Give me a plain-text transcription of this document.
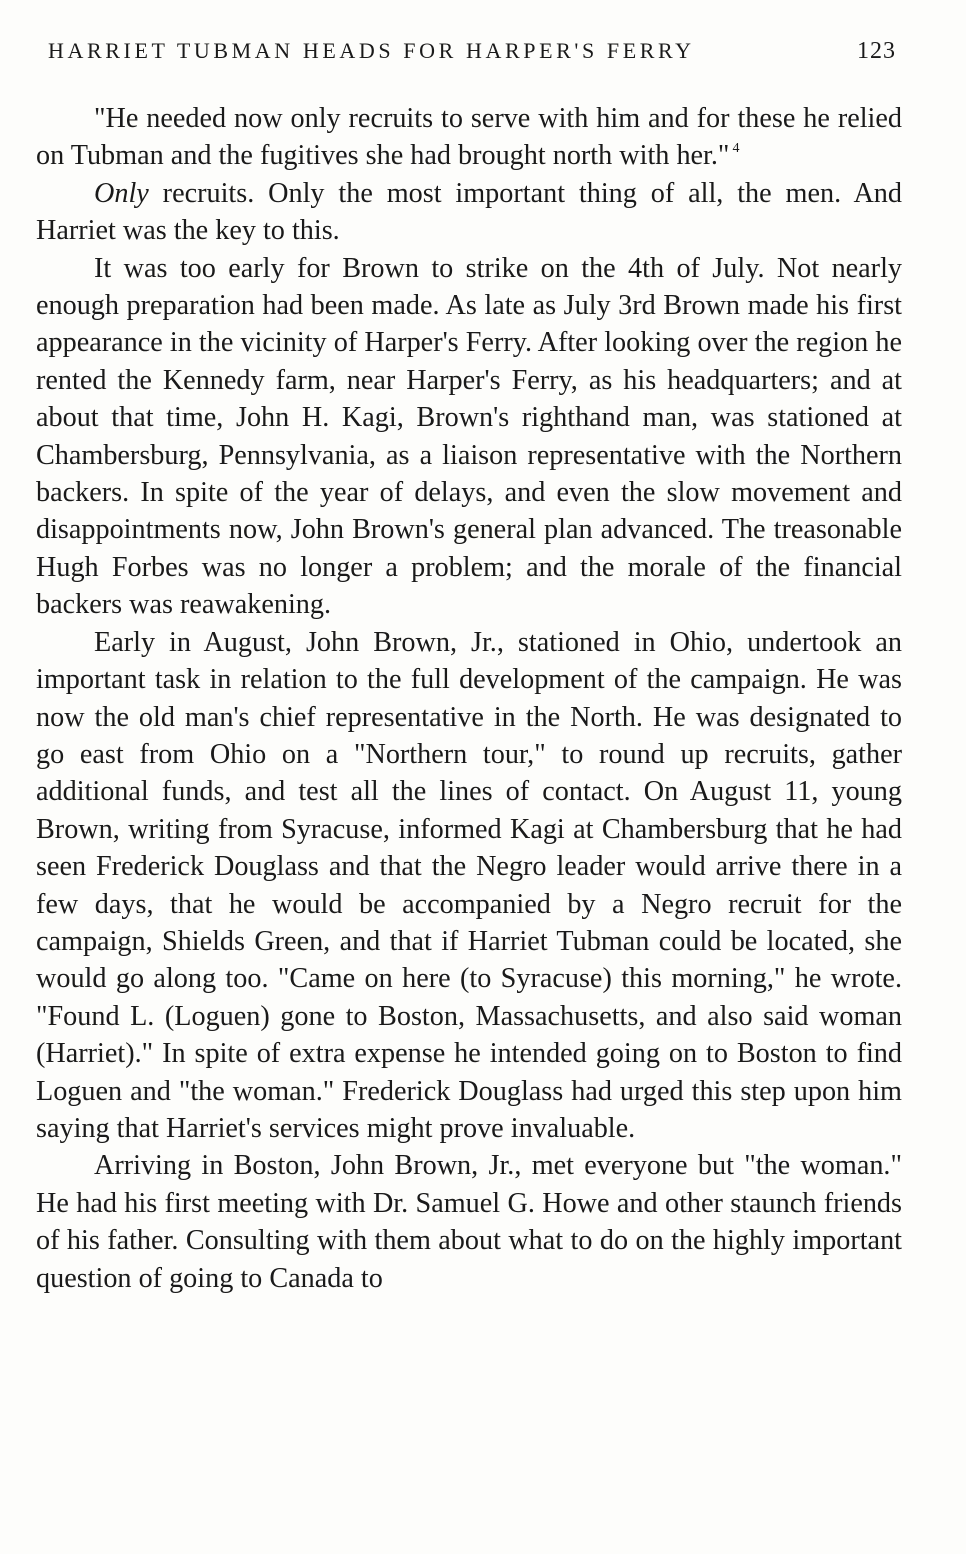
HARRIET TUBMAN HEADS FOR HARPER'S FERRY	123

"He needed now only recruits to serve with him and for these he relied on Tubman and the fugitives she had brought north with her." $^4$

Only recruits. Only the most important thing of all, the men. And Harriet was the key to this.

It was too early for Brown to strike on the 4th of July. Not nearly enough preparation had been made. As late as July 3rd Brown made his first appearance in the vicinity of Harper's Ferry. After looking over the region he rented the Kennedy farm, near Harper's Ferry, as his headquarters; and at about that time, John H. Kagi, Brown's righthand man, was stationed at Chambersburg, Pennsylvania, as a liaison representative with the Northern backers. In spite of the year of delays, and even the slow movement and disappointments now, John Brown's general plan advanced. The treasonable Hugh Forbes was no longer a problem; and the morale of the financial backers was reawakening.

Early in August, John Brown, Jr., stationed in Ohio, undertook an important task in relation to the full development of the campaign. He was now the old man's chief representative in the North. He was designated to go east from Ohio on a "Northern tour," to round up recruits, gather additional funds, and test all the lines of contact. On August 11, young Brown, writing from Syracuse, informed Kagi at Chambersburg that he had seen Frederick Douglass and that the Negro leader would arrive there in a few days, that he would be accompanied by a Negro recruit for the campaign, Shields Green, and that if Harriet Tubman could be located, she would go along too. "Came on here (to Syracuse) this morning," he wrote. "Found L. (Loguen) gone to Boston, Massachusetts, and also said woman (Harriet)." In spite of extra expense he intended going on to Boston to find Loguen and "the woman." Frederick Douglass had urged this step upon him saying that Harriet's services might prove invaluable.

Arriving in Boston, John Brown, Jr., met everyone but "the woman." He had his first meeting with Dr. Samuel G. Howe and other staunch friends of his father. Consulting with them about what to do on the highly important question of going to Canada to
